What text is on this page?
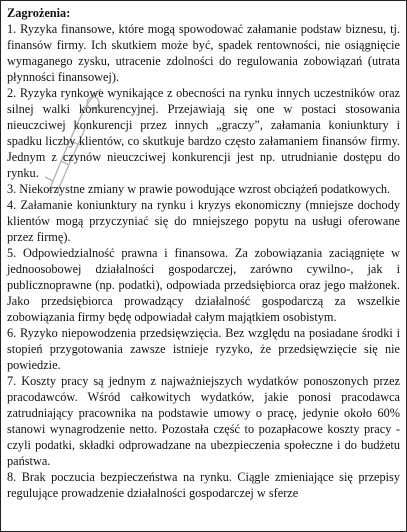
Zagrożenia:

1. Ryzyka finansowe, które mogą spowodować załamanie podstaw biznesu, tj. finansów firmy. Ich skutkiem może być, spadek rentowności, nie osiągnięcie wymaganego zysku, utracenie zdolności do regulowania zobowiązań (utrata płynności finansowej).

2. Ryzyka rynkowe wynikające z obecności na rynku innych uczestników oraz silnej walki konkurencyjnej. Przejawiają się one w postaci stosowania nieuczciwej konkurencji przez innych „graczy”, załamania koniunktury i spadku liczby klientów, co skutkuje bardzo często załamaniem finansów firmy. Jednym z czynów nieuczciwej konkurencji jest np. utrudnianie dostępu do rynku.

3. Niekorzystne zmiany w prawie powodujące wzrost obciążeń podatkowych.

4. Załamanie koniunktury na rynku i kryzys ekonomiczny (mniejsze dochody klientów mogą przyczyniać się do mniejszego popytu na usługi oferowane przez firmę).

5. Odpowiedzialność prawna i finansowa. Za zobowiązania zaciągnięte w jednoosobowej działalności gospodarczej, zarówno cywilno-, jak i publicznoprawne (np. podatki), odpowiada przedsiębiorca oraz jego małżonek. Jako przedsiębiorca prowadzący działalność gospodarczą za wszelkie zobowiązania firmy będę odpowiadał całym majątkiem osobistym.

6. Ryzyko niepowodzenia przedsięwzięcia. Bez względu na posiadane środki i stopień przygotowania zawsze istnieje ryzyko, że przedsięwzięcie się nie powiedzie.

7. Koszty pracy są jednym z najważniejszych wydatków ponoszonych przez pracodawców. Wśród całkowitych wydatków, jakie ponosi pracodawca zatrudniający pracownika na podstawie umowy o pracę, jedynie około 60% stanowi wynagrodzenie netto. Pozostała część to pozapłacowe koszty pracy - czyli podatki, składki odprowadzane na ubezpieczenia społeczne i do budżetu państwa.

8. Brak poczucia bezpieczeństwa na rynku. Ciągle zmieniające się przepisy regulujące prowadzenie działalności gospodarczej w sferze
